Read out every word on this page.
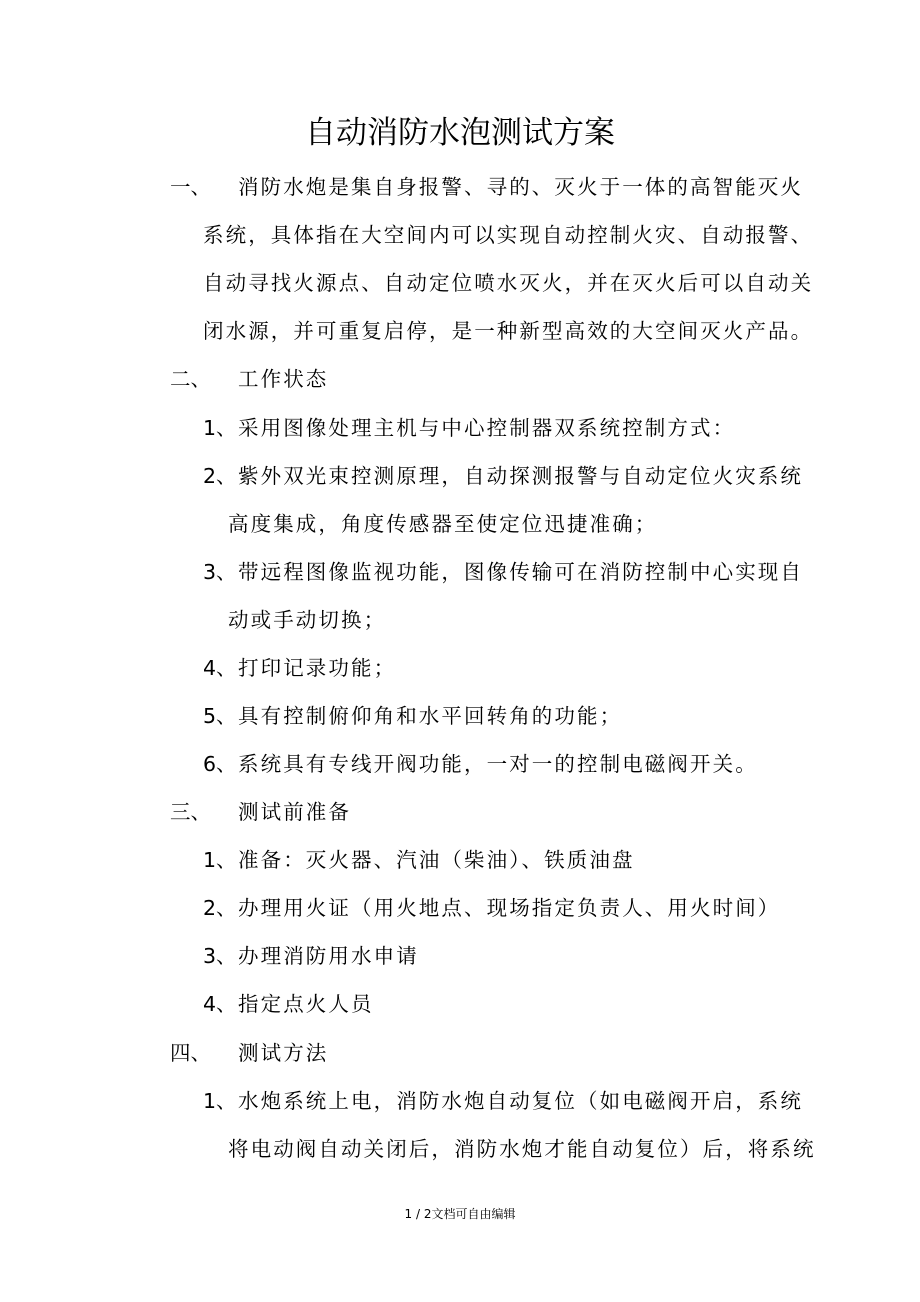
自动消防水泡测试方案
一、 消防水炮是集自身报警、寻的、灭火于一体的高智能灭火
系统，具体指在大空间内可以实现自动控制火灾、自动报警、
自动寻找火源点、自动定位喷水灭火，并在灭火后可以自动关
闭水源，并可重复启停，是一种新型高效的大空间灭火产品。
二、 工作状态
1、 采用图像处理主机与中心控制器双系统控制方式：
2、 紫外双光束控测原理，自动探测报警与自动定位火灾系统
高度集成，角度传感器至使定位迅捷准确；
3、 带远程图像监视功能，图像传输可在消防控制中心实现自
动或手动切换；
4、 打印记录功能；
5、 具有控制俯仰角和水平回转角的功能；
6、 系统具有专线开阀功能，一对一的控制电磁阀开关。
三、 测试前准备
1、 准备：灭火器、汽油（柴油）、铁质油盘
2、 办理用火证（用火地点、现场指定负责人、用火时间）
3、 办理消防用水申请
4、 指定点火人员
四、 测试方法
1、 水炮系统上电，消防水炮自动复位（如电磁阀开启，系统
将电动阀自动关闭后，消防水炮才能自动复位）后，将系统
1 / 2文档可自由编辑
